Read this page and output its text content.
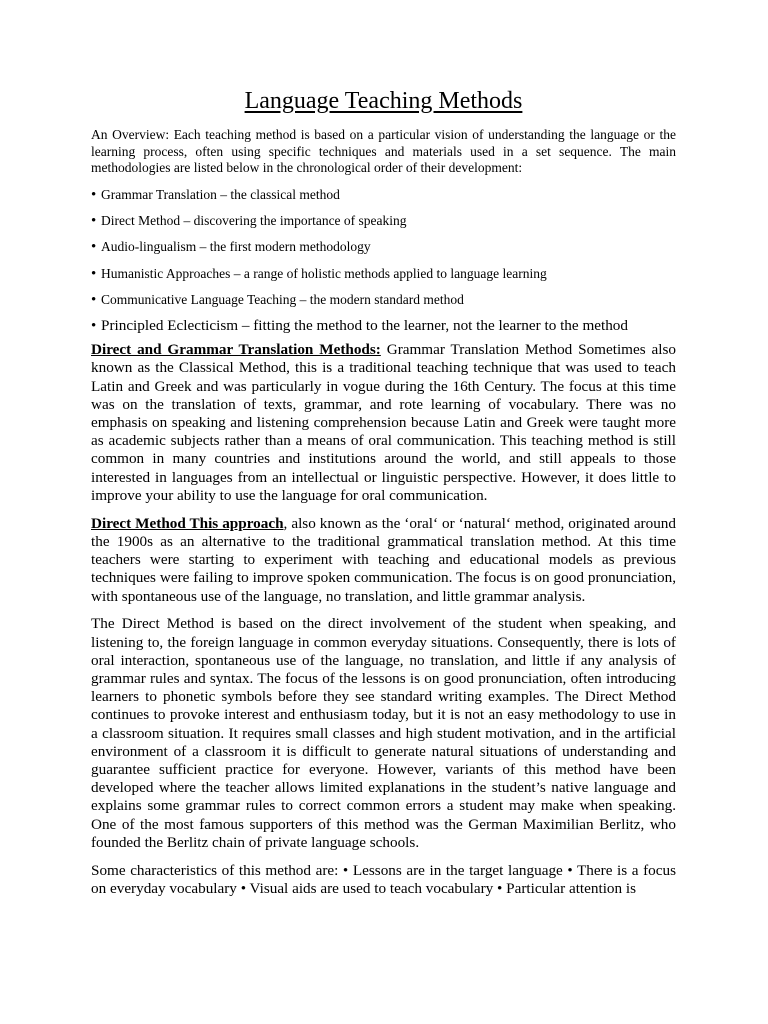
Language Teaching Methods

An Overview: Each teaching method is based on a particular vision of understanding the language or the learning process, often using specific techniques and materials used in a set sequence. The main methodologies are listed below in the chronological order of their development:

• Grammar Translation – the classical method
• Direct Method – discovering the importance of speaking
• Audio-lingualism – the first modern methodology
• Humanistic Approaches – a range of holistic methods applied to language learning
• Communicative Language Teaching – the modern standard method
• Principled Eclecticism – fitting the method to the learner, not the learner to the method

Direct and Grammar Translation Methods: Grammar Translation Method Sometimes also known as the Classical Method, this is a traditional teaching technique that was used to teach Latin and Greek and was particularly in vogue during the 16th Century. The focus at this time was on the translation of texts, grammar, and rote learning of vocabulary. There was no emphasis on speaking and listening comprehension because Latin and Greek were taught more as academic subjects rather than a means of oral communication. This teaching method is still common in many countries and institutions around the world, and still appeals to those interested in languages from an intellectual or linguistic perspective. However, it does little to improve your ability to use the language for oral communication.

Direct Method This approach, also known as the ‘oral‘ or ‘natural‘ method, originated around the 1900s as an alternative to the traditional grammatical translation method. At this time teachers were starting to experiment with teaching and educational models as previous techniques were failing to improve spoken communication. The focus is on good pronunciation, with spontaneous use of the language, no translation, and little grammar analysis.

The Direct Method is based on the direct involvement of the student when speaking, and listening to, the foreign language in common everyday situations. Consequently, there is lots of oral interaction, spontaneous use of the language, no translation, and little if any analysis of grammar rules and syntax. The focus of the lessons is on good pronunciation, often introducing learners to phonetic symbols before they see standard writing examples. The Direct Method continues to provoke interest and enthusiasm today, but it is not an easy methodology to use in a classroom situation. It requires small classes and high student motivation, and in the artificial environment of a classroom it is difficult to generate natural situations of understanding and guarantee sufficient practice for everyone. However, variants of this method have been developed where the teacher allows limited explanations in the student’s native language and explains some grammar rules to correct common errors a student may make when speaking. One of the most famous supporters of this method was the German Maximilian Berlitz, who founded the Berlitz chain of private language schools.

Some characteristics of this method are: • Lessons are in the target language • There is a focus on everyday vocabulary • Visual aids are used to teach vocabulary • Particular attention is
